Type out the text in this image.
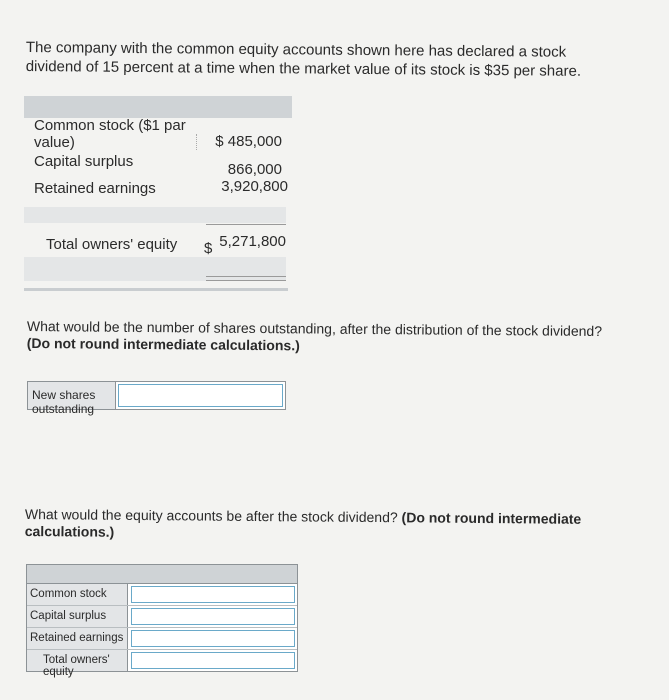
The company with the common equity accounts shown here has declared a stock dividend of 15 percent at a time when the market value of its stock is $35 per share.
Common stock ($1 par value)	$ 485,000
Capital surplus	866,000
Retained earnings	3,920,800
Total owners' equity $ 5,271,800
What would be the number of shares outstanding, after the distribution of the stock dividend? (Do not round intermediate calculations.)
New shares outstanding
What would the equity accounts be after the stock dividend? (Do not round intermediate calculations.)
Common stock
Capital surplus
Retained earnings
Total owners' equity
